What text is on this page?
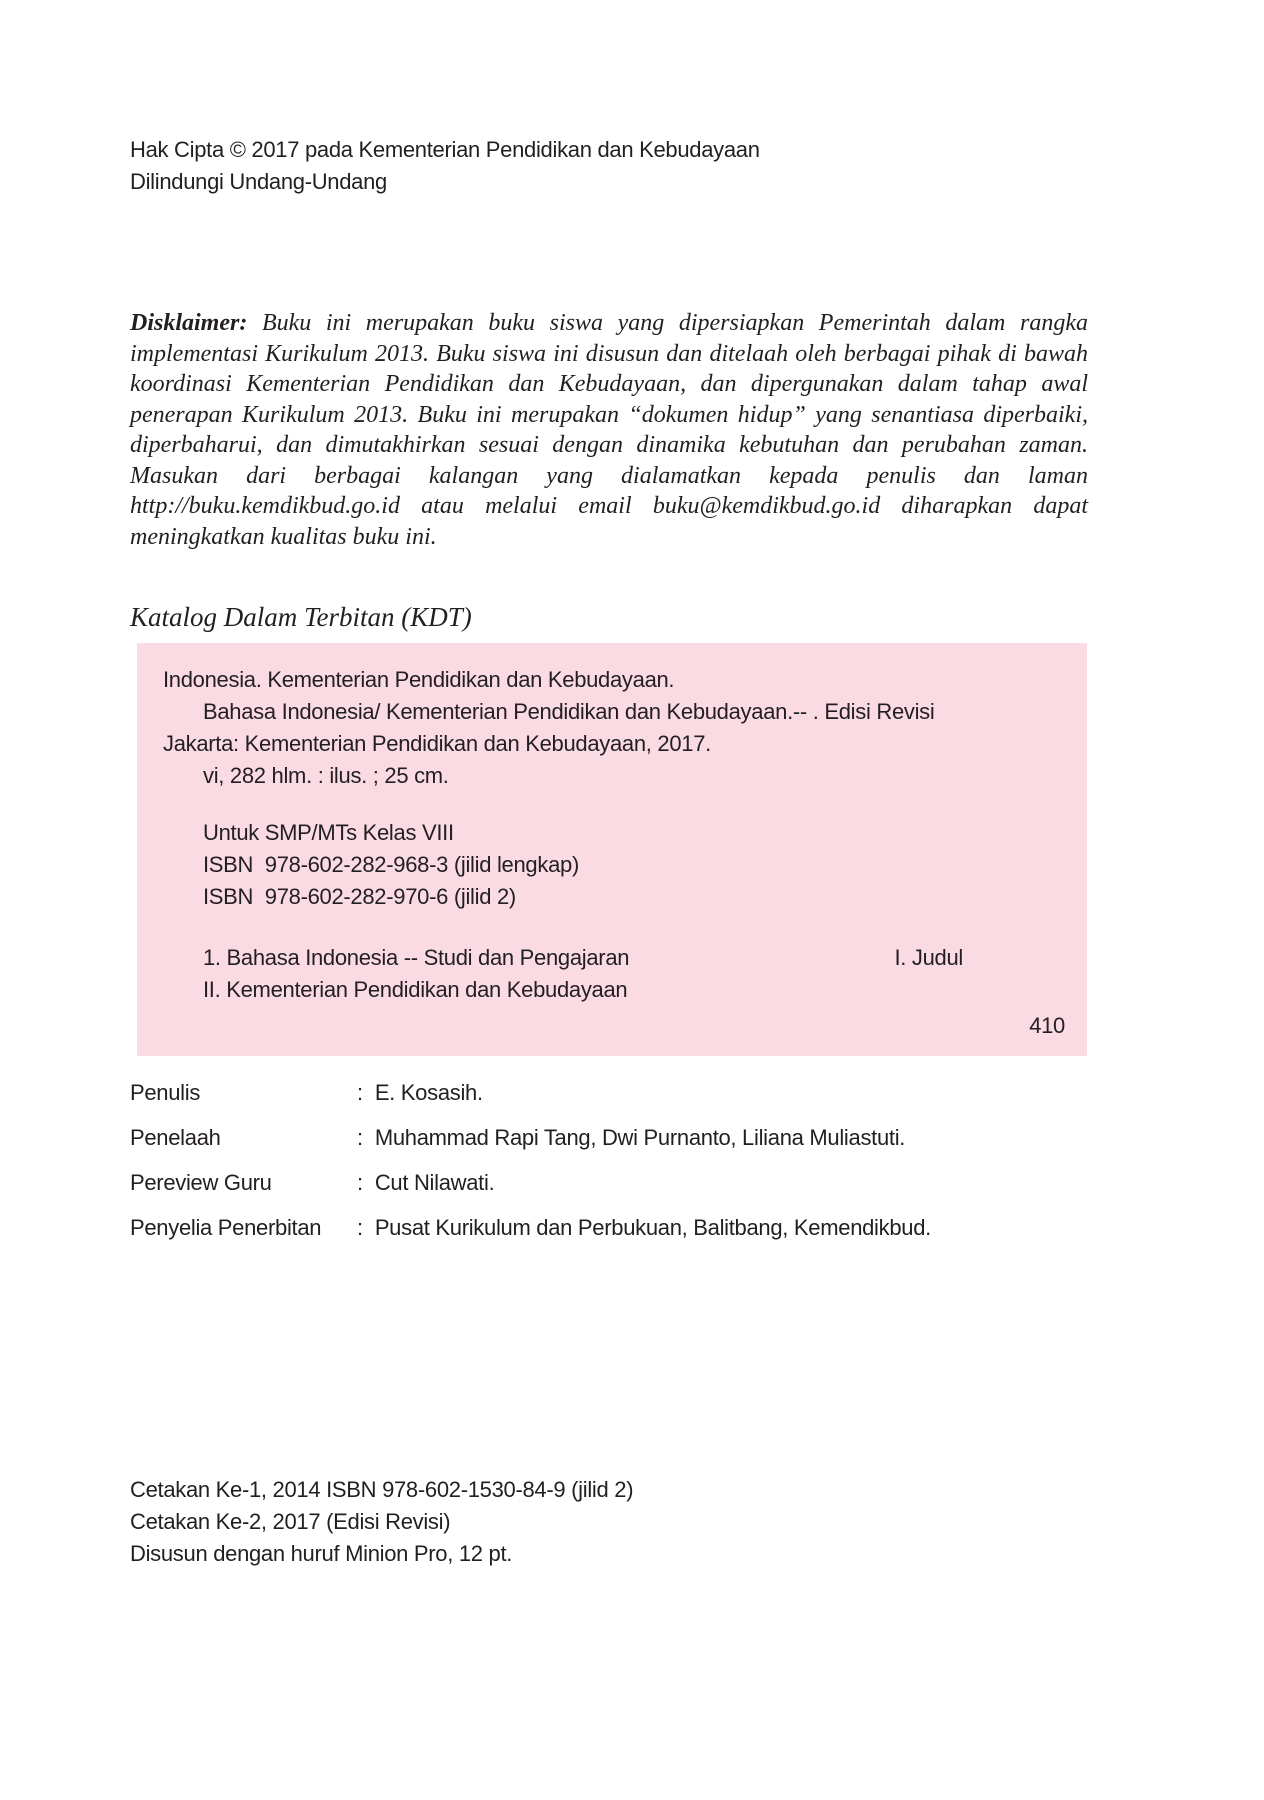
Hak Cipta © 2017 pada Kementerian Pendidikan dan Kebudayaan
Dilindungi Undang-Undang

Disklaimer: Buku ini merupakan buku siswa yang dipersiapkan Pemerintah dalam rangka implementasi Kurikulum 2013. Buku siswa ini disusun dan ditelaah oleh berbagai pihak di bawah koordinasi Kementerian Pendidikan dan Kebudayaan, dan dipergunakan dalam tahap awal penerapan Kurikulum 2013. Buku ini merupakan “dokumen hidup” yang senantiasa diperbaiki, diperbaharui, dan dimutakhirkan sesuai dengan dinamika kebutuhan dan perubahan zaman. Masukan dari berbagai kalangan yang dialamatkan kepada penulis dan laman http://buku.kemdikbud.go.id atau melalui email buku@kemdikbud.go.id diharapkan dapat meningkatkan kualitas buku ini.

Katalog Dalam Terbitan (KDT)
Indonesia. Kementerian Pendidikan dan Kebudayaan.
Bahasa Indonesia/ Kementerian Pendidikan dan Kebudayaan.-- . Edisi Revisi
Jakarta: Kementerian Pendidikan dan Kebudayaan, 2017.
vi, 282 hlm. : ilus. ; 25 cm.
Untuk SMP/MTs Kelas VIII
ISBN  978-602-282-968-3 (jilid lengkap)
ISBN  978-602-282-970-6 (jilid 2)
1. Bahasa Indonesia -- Studi dan Pengajaran	I. Judul
II. Kementerian Pendidikan dan Kebudayaan
410
Penulis	: E. Kosasih.
Penelaah	: Muhammad Rapi Tang, Dwi Purnanto, Liliana Muliastuti.
Pereview Guru	: Cut Nilawati.
Penyelia Penerbitan	: Pusat Kurikulum dan Perbukuan, Balitbang, Kemendikbud.
Cetakan Ke-1, 2014 ISBN 978-602-1530-84-9 (jilid 2)
Cetakan Ke-2, 2017 (Edisi Revisi)
Disusun dengan huruf Minion Pro, 12 pt.
